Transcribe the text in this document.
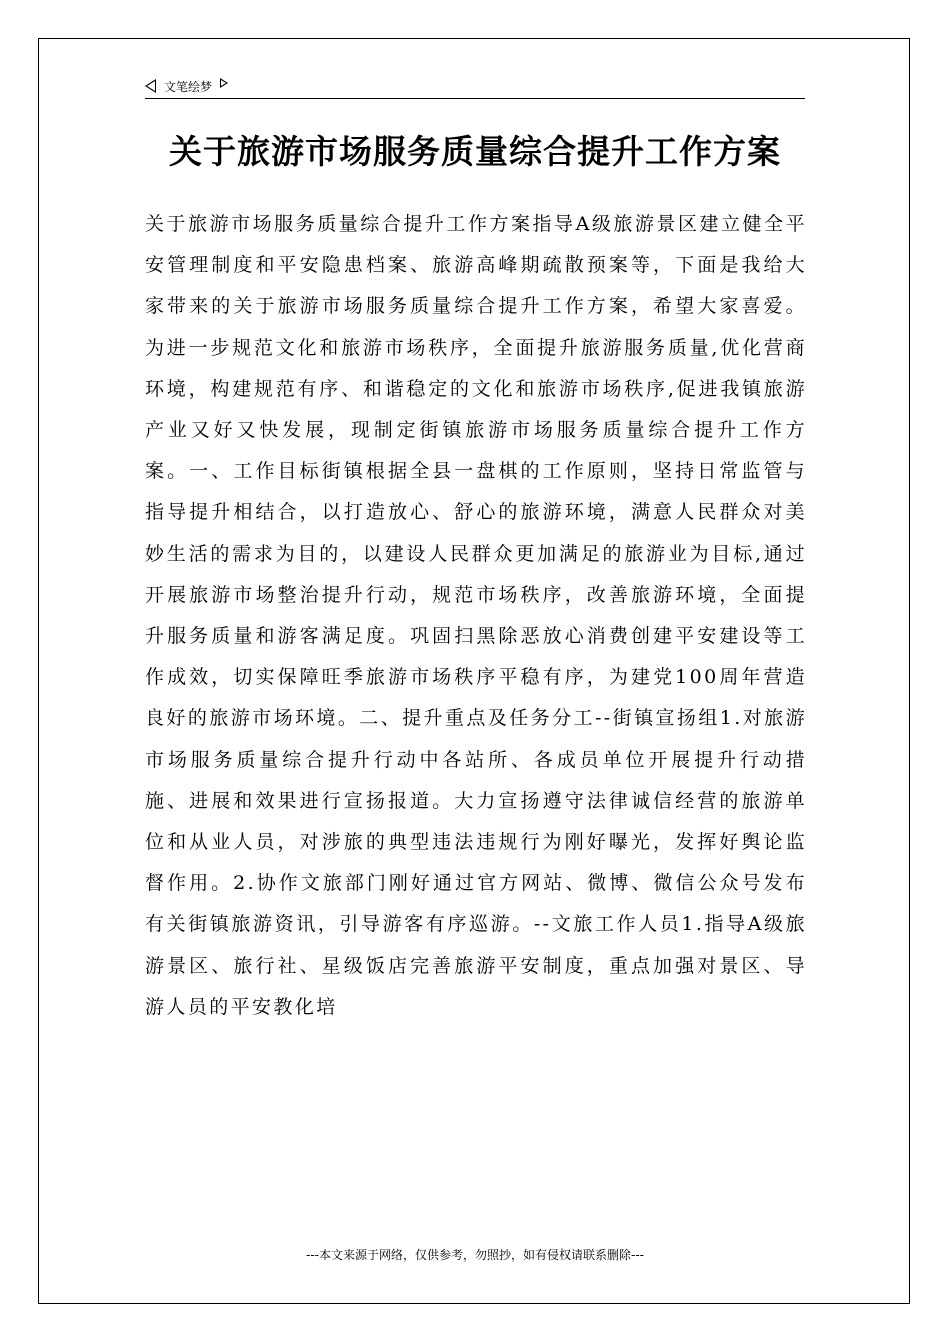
文笔绘梦
关于旅游市场服务质量综合提升工作方案

关于旅游市场服务质量综合提升工作方案指导A级旅游景区建立健全平安管理制度和平安隐患档案、旅游高峰期疏散预案等，下面是我给大家带来的关于旅游市场服务质量综合提升工作方案，希望大家喜爱。为进一步规范文化和旅游市场秩序，全面提升旅游服务质量,优化营商环境，构建规范有序、和谐稳定的文化和旅游市场秩序,促进我镇旅游产业又好又快发展，现制定街镇旅游市场服务质量综合提升工作方案。一、工作目标街镇根据全县一盘棋的工作原则，坚持日常监管与指导提升相结合，以打造放心、舒心的旅游环境，满意人民群众对美妙生活的需求为目的，以建设人民群众更加满足的旅游业为目标,通过开展旅游市场整治提升行动，规范市场秩序，改善旅游环境，全面提升服务质量和游客满足度。巩固扫黑除恶放心消费创建平安建设等工作成效，切实保障旺季旅游市场秩序平稳有序，为建党100周年营造良好的旅游市场环境。二、提升重点及任务分工--街镇宣扬组1.对旅游市场服务质量综合提升行动中各站所、各成员单位开展提升行动措施、进展和效果进行宣扬报道。大力宣扬遵守法律诚信经营的旅游单位和从业人员，对涉旅的典型违法违规行为刚好曝光，发挥好舆论监督作用。2.协作文旅部门刚好通过官方网站、微博、微信公众号发布有关街镇旅游资讯，引导游客有序巡游。--文旅工作人员1.指导A级旅游景区、旅行社、星级饭店完善旅游平安制度，重点加强对景区、导游人员的平安教化培

---本文来源于网络，仅供参考，勿照抄，如有侵权请联系删除---
